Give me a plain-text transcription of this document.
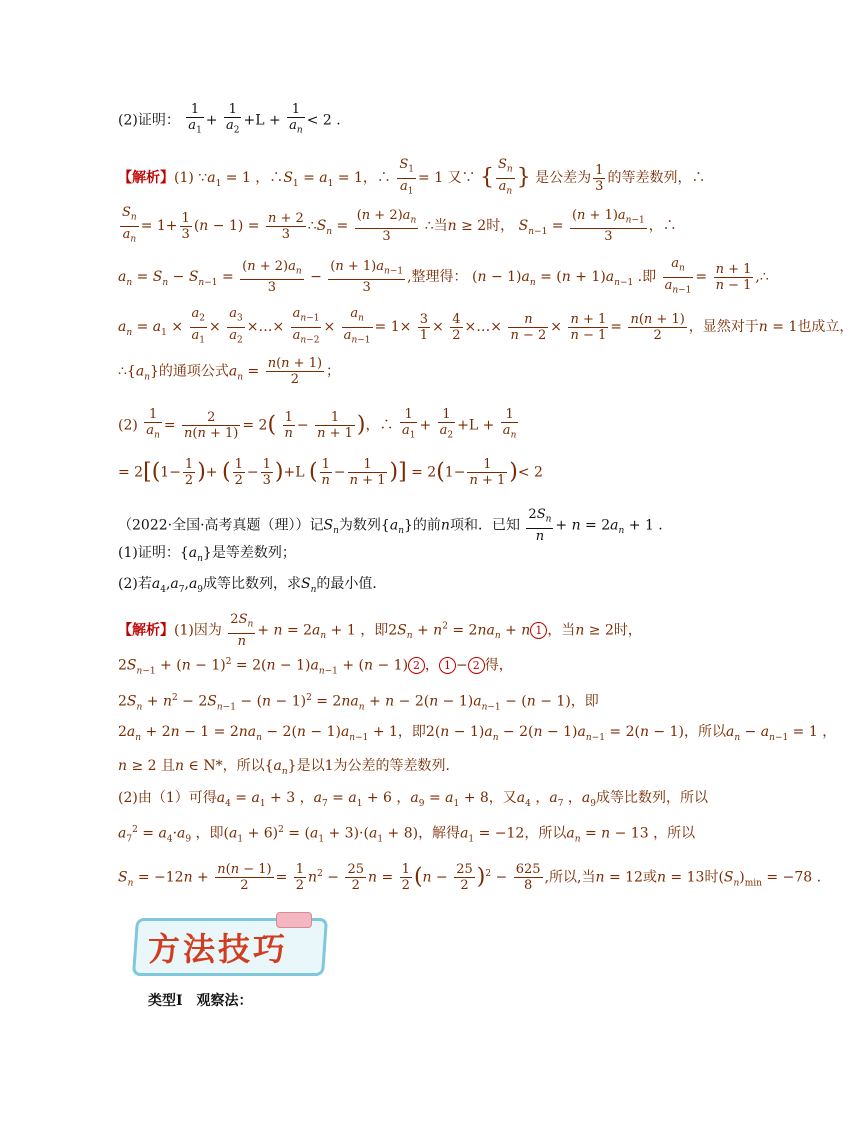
(2)证明： $\frac{1}{a_1} + \frac{1}{a_2} +L + \frac{1}{a_n} < 2$ .
【解析】(1) $\because a_1 = 1$ ，$\therefore S_1 = a_1 = 1$，∴ $\frac{S_1}{a_1} = 1$ 又∵ { $\frac{S_n}{a_n}$ } 是公差为 $\frac{1}{3}$ 的等差数列，∴
$\frac{S_n}{a_n} = 1+ \frac{1}{3} (n - 1) = \frac{n + 2}{3}$ $\therefore S_n = \frac{(n + 2)a_n}{3}$ ∴当n ≥ 2时， $S_{n-1} = \frac{(n + 1)a_{n-1}}{3}$ ，∴
$a_n = S_n - S_{n-1} = \frac{(n + 2)a_n}{3} - \frac{(n + 1)a_{n-1}}{3}$ ,整理得： $(n - 1)a_n = (n + 1)a_{n-1}$ .即 $\frac{a_n}{a_{n-1}} = \frac{n + 1}{n - 1}$ ,∴
$a_n = a_1 \times \frac{a_2}{a_1} \times \frac{a_3}{a_2}$ ×…× $\frac{a_{n-1}}{a_{n-2}} \times \frac{a_n}{a_{n-1}} = 1\times \frac{3}{1} \times \frac{4}{2}$ ×…× $\frac{n}{n - 2} \times \frac{n + 1}{n - 1} = \frac{n(n + 1)}{2}$ ，显然对于n = 1也成立，
$\therefore\{a_n\}$的通项公式$a_n = \frac{n(n + 1)}{2}$ ；
$(2) \frac{1}{a_n} = \frac{2}{n(n + 1)} = 2( \frac{1}{n} - \frac{1}{n + 1}$ )，∴ $\frac{1}{a_1} + \frac{1}{a_2} +L + \frac{1}{a_n}$
= $2[(1- \frac{1}{2}$ )+ ( $\frac{1}{2} - \frac{1}{3} )+L$ ( $\frac{1}{n} - \frac{1}{n + 1}$ )] = $2(1- \frac{1}{n + 1}$ )< 2
（2022·全国·高考真题（理））记$S_n$为数列$\{a_n\}$的前n项和．已知 $\frac{2S_n}{n} + n = 2a_n + 1$ .
(1)证明：$\{a_n\}$是等差数列；
(2)若$a_4,a_7,a_9$成等比数列，求$S_n$的最小值．
【解析】(1)因为 $\frac{2S_n}{n} + n = 2a_n + 1$ ，即$2S_n + n^2 = 2na_n + n$ 1 ，当n ≥ 2时，
$2S_{n-1} + (n - 1)^2 = 2(n - 1)a_{n-1} + (n - 1)$ 2 ， 1 − 2 得，
$2S_n + n^2 - 2S_{n-1} - (n - 1)^2 = 2na_n + n - 2(n - 1)a_{n-1} - (n - 1)$，即
$2a_n + 2n - 1 = 2na_n - 2(n - 1)a_{n-1} + 1$，即$2(n - 1)a_n - 2(n - 1)a_{n-1} = 2(n - 1)$，所以$a_n - a_{n-1} = 1$ ，
n ≥ 2 且n ∈ N*，所以$\{a_n\}$是以1为公差的等差数列．
(2)由（1）可得$a_4 = a_1 + 3$ ，$a_7 = a_1 + 6$ ，$a_9 = a_1 + 8$，又$a_4$ ，$a_7$ ，$a_9$成等比数列，所以
$a_7^2 = a_4\cdot a_9$ ，即$(a_1 + 6)^2 = (a_1 + 3)\cdot(a_1 + 8)$，解得$a_1 = -12$，所以$a_n = n - 13$ ，所以
$S_n = -12n + \frac{n(n - 1)}{2} = \frac{1}{2} n^2 - \frac{25}{2}$ $n = \frac{1}{2} (n - \frac{25}{2} )^2 - \frac{625}{8}$ ,所以,当n = 12或n = 13时$(S_n)_{min} = -78$ .
方法技巧
类型Ⅰ　观察法：
